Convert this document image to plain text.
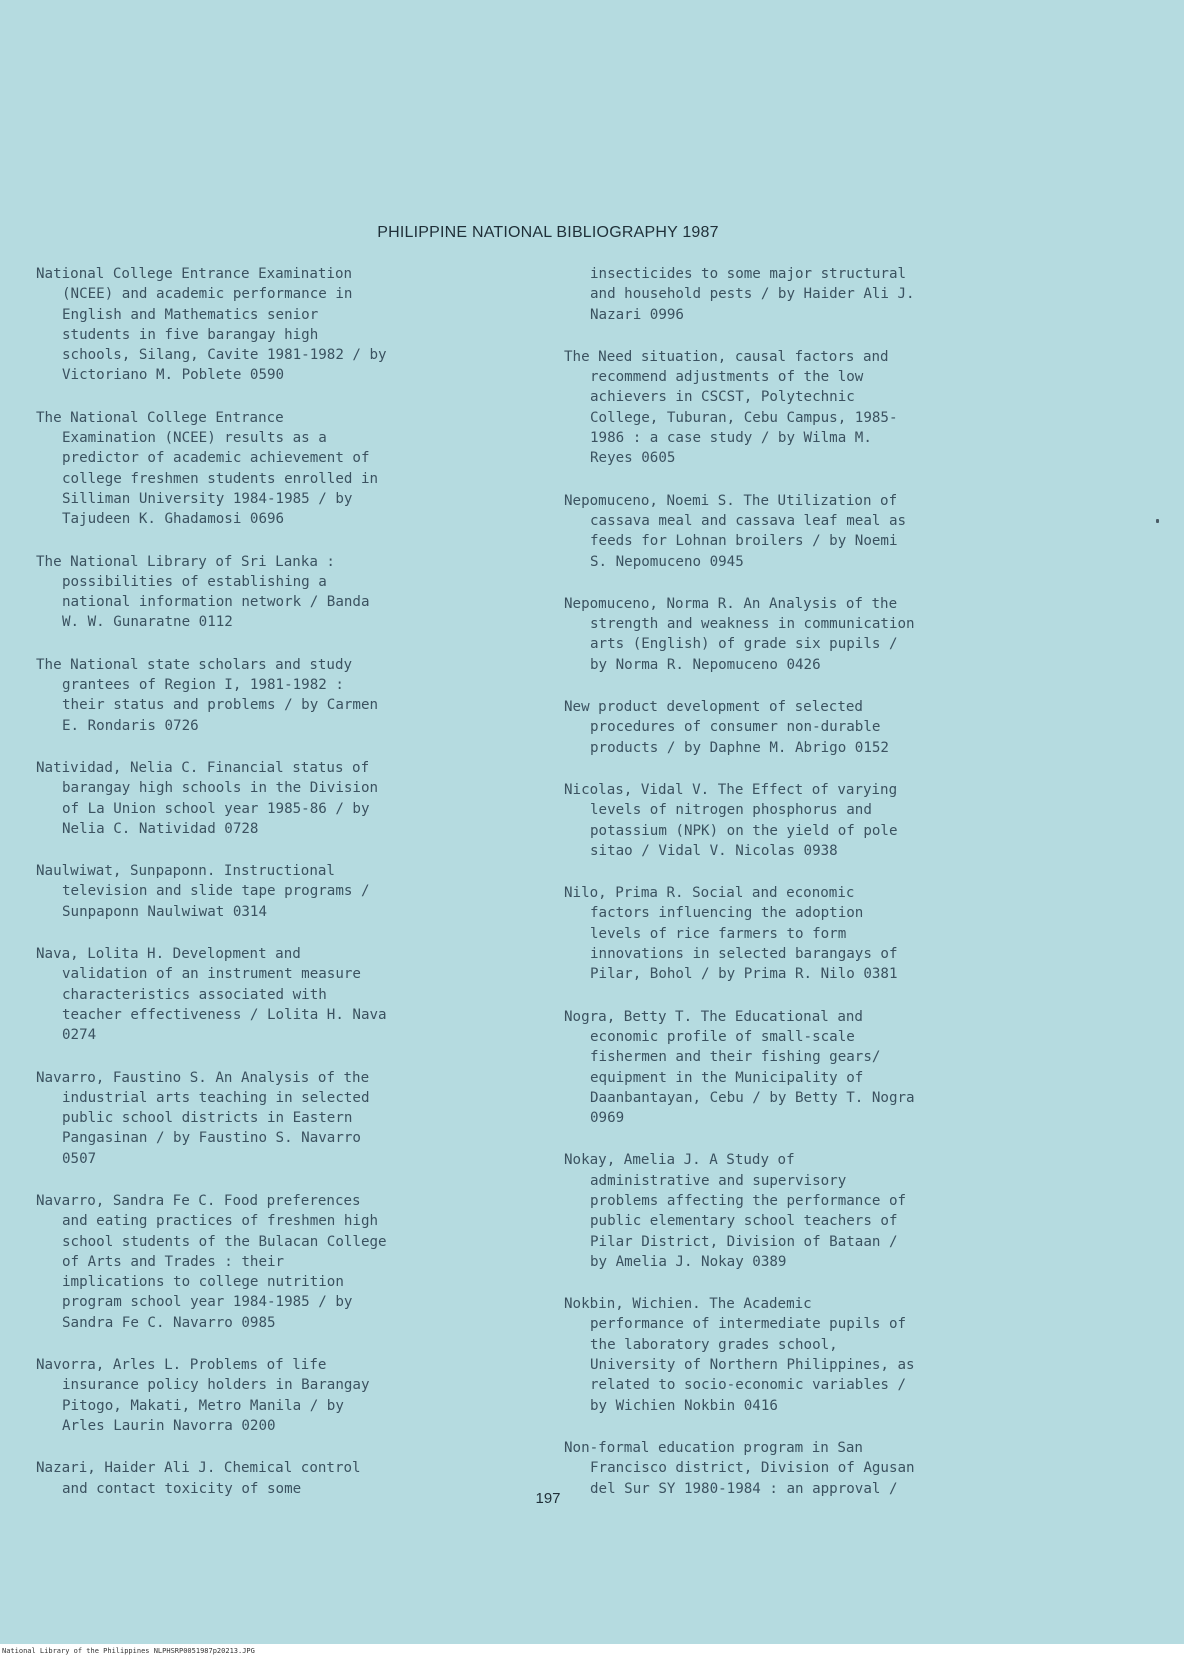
PHILIPPINE NATIONAL BIBLIOGRAPHY 1987

National College Entrance Examination
(NCEE) and academic performance in
English and Mathematics senior
students in five barangay high
schools, Silang, Cavite 1981-1982 / by
Victoriano M. Poblete 0590

The National College Entrance
Examination (NCEE) results as a
predictor of academic achievement of
college freshmen students enrolled in
Silliman University 1984-1985 / by
Tajudeen K. Ghadamosi 0696

The National Library of Sri Lanka :
possibilities of establishing a
national information network / Banda
W. W. Gunaratne 0112

The National state scholars and study
grantees of Region I, 1981-1982 :
their status and problems / by Carmen
E. Rondaris 0726

Natividad, Nelia C. Financial status of
barangay high schools in the Division
of La Union school year 1985-86 / by
Nelia C. Natividad 0728

Naulwiwat, Sunpaponn. Instructional
television and slide tape programs /
Sunpaponn Naulwiwat 0314

Nava, Lolita H. Development and
validation of an instrument measure
characteristics associated with
teacher effectiveness / Lolita H. Nava
0274

Navarro, Faustino S. An Analysis of the
industrial arts teaching in selected
public school districts in Eastern
Pangasinan / by Faustino S. Navarro
0507

Navarro, Sandra Fe C. Food preferences
and eating practices of freshmen high
school students of the Bulacan College
of Arts and Trades : their
implications to college nutrition
program school year 1984-1985 / by
Sandra Fe C. Navarro 0985

Navorra, Arles L. Problems of life
insurance policy holders in Barangay
Pitogo, Makati, Metro Manila / by
Arles Laurin Navorra 0200

Nazari, Haider Ali J. Chemical control
and contact toxicity of some

insecticides to some major structural
and household pests / by Haider Ali J.
Nazari 0996

The Need situation, causal factors and
recommend adjustments of the low
achievers in CSCST, Polytechnic
College, Tuburan, Cebu Campus, 1985-
1986 : a case study / by Wilma M.
Reyes 0605

Nepomuceno, Noemi S. The Utilization of
cassava meal and cassava leaf meal as
feeds for Lohnan broilers / by Noemi
S. Nepomuceno 0945

Nepomuceno, Norma R. An Analysis of the
strength and weakness in communication
arts (English) of grade six pupils /
by Norma R. Nepomuceno 0426

New product development of selected
procedures of consumer non-durable
products / by Daphne M. Abrigo 0152

Nicolas, Vidal V. The Effect of varying
levels of nitrogen phosphorus and
potassium (NPK) on the yield of pole
sitao / Vidal V. Nicolas 0938

Nilo, Prima R. Social and economic
factors influencing the adoption
levels of rice farmers to form
innovations in selected barangays of
Pilar, Bohol / by Prima R. Nilo 0381

Nogra, Betty T. The Educational and
economic profile of small-scale
fishermen and their fishing gears/
equipment in the Municipality of
Daanbantayan, Cebu / by Betty T. Nogra
0969

Nokay, Amelia J. A Study of
administrative and supervisory
problems affecting the performance of
public elementary school teachers of
Pilar District, Division of Bataan /
by Amelia J. Nokay 0389

Nokbin, Wichien. The Academic
performance of intermediate pupils of
the laboratory grades school,
University of Northern Philippines, as
related to socio-economic variables /
by Wichien Nokbin 0416

Non-formal education program in San
Francisco district, Division of Agusan
del Sur SY 1980-1984 : an approval /

197
National Library of the Philippines NLPHSRP0051987p20213.JPG
